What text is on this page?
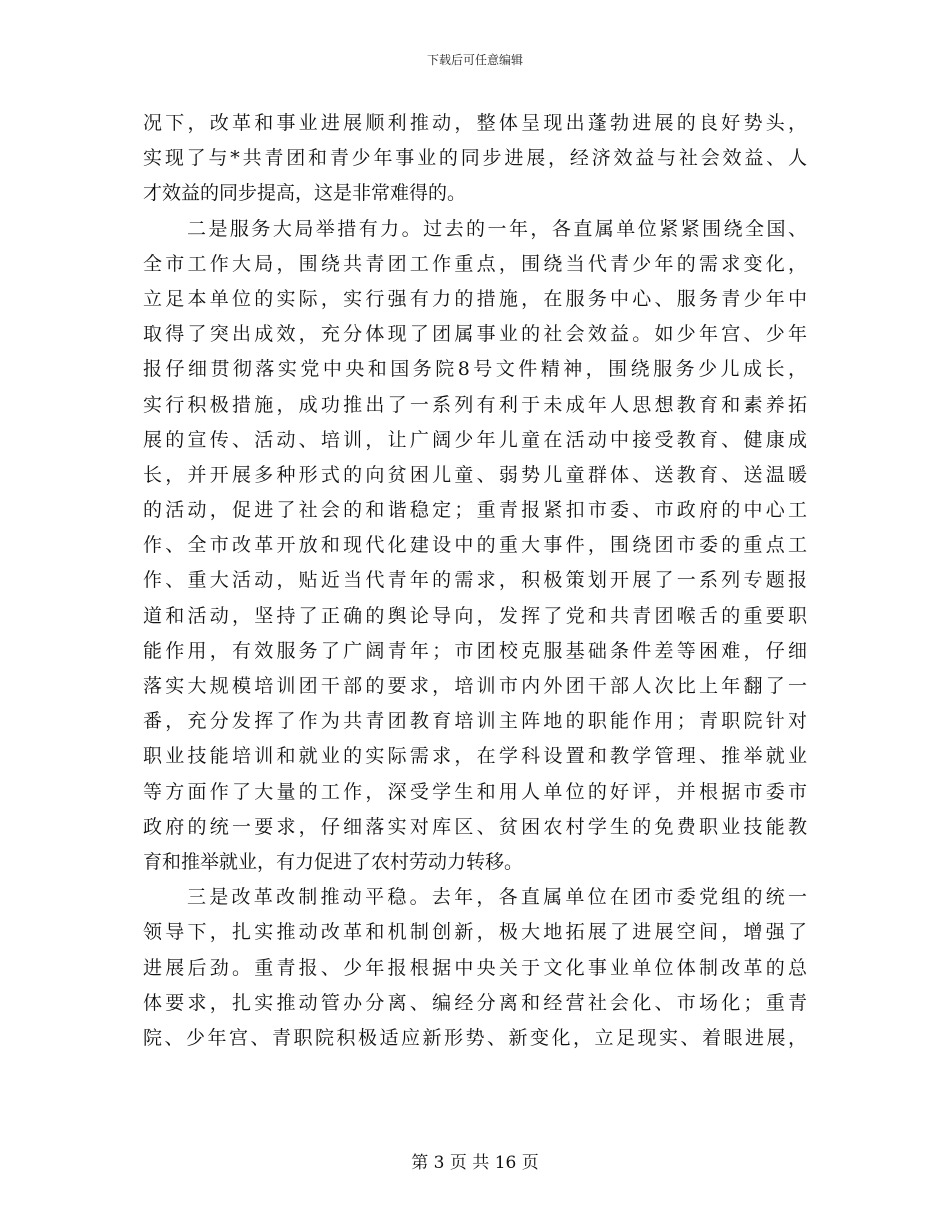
下载后可任意编辑
况下，改革和事业进展顺利推动，整体呈现出蓬勃进展的良好势头，
实现了与*共青团和青少年事业的同步进展，经济效益与社会效益、人
才效益的同步提高，这是非常难得的。
二是服务大局举措有力。过去的一年，各直属单位紧紧围绕全国、
全市工作大局，围绕共青团工作重点，围绕当代青少年的需求变化，
立足本单位的实际，实行强有力的措施，在服务中心、服务青少年中
取得了突出成效，充分体现了团属事业的社会效益。如少年宫、少年
报仔细贯彻落实党中央和国务院8号文件精神，围绕服务少儿成长，
实行积极措施，成功推出了一系列有利于未成年人思想教育和素养拓
展的宣传、活动、培训，让广阔少年儿童在活动中接受教育、健康成
长，并开展多种形式的向贫困儿童、弱势儿童群体、送教育、送温暖
的活动，促进了社会的和谐稳定；重青报紧扣市委、市政府的中心工
作、全市改革开放和现代化建设中的重大事件，围绕团市委的重点工
作、重大活动，贴近当代青年的需求，积极策划开展了一系列专题报
道和活动，坚持了正确的舆论导向，发挥了党和共青团喉舌的重要职
能作用，有效服务了广阔青年；市团校克服基础条件差等困难，仔细
落实大规模培训团干部的要求，培训市内外团干部人次比上年翻了一
番，充分发挥了作为共青团教育培训主阵地的职能作用；青职院针对
职业技能培训和就业的实际需求，在学科设置和教学管理、推举就业
等方面作了大量的工作，深受学生和用人单位的好评，并根据市委市
政府的统一要求，仔细落实对库区、贫困农村学生的免费职业技能教
育和推举就业，有力促进了农村劳动力转移。
三是改革改制推动平稳。去年，各直属单位在团市委党组的统一
领导下，扎实推动改革和机制创新，极大地拓展了进展空间，增强了
进展后劲。重青报、少年报根据中央关于文化事业单位体制改革的总
体要求，扎实推动管办分离、编经分离和经营社会化、市场化；重青
院、少年宫、青职院积极适应新形势、新变化，立足现实、着眼进展，
第 3 页 共 16 页
